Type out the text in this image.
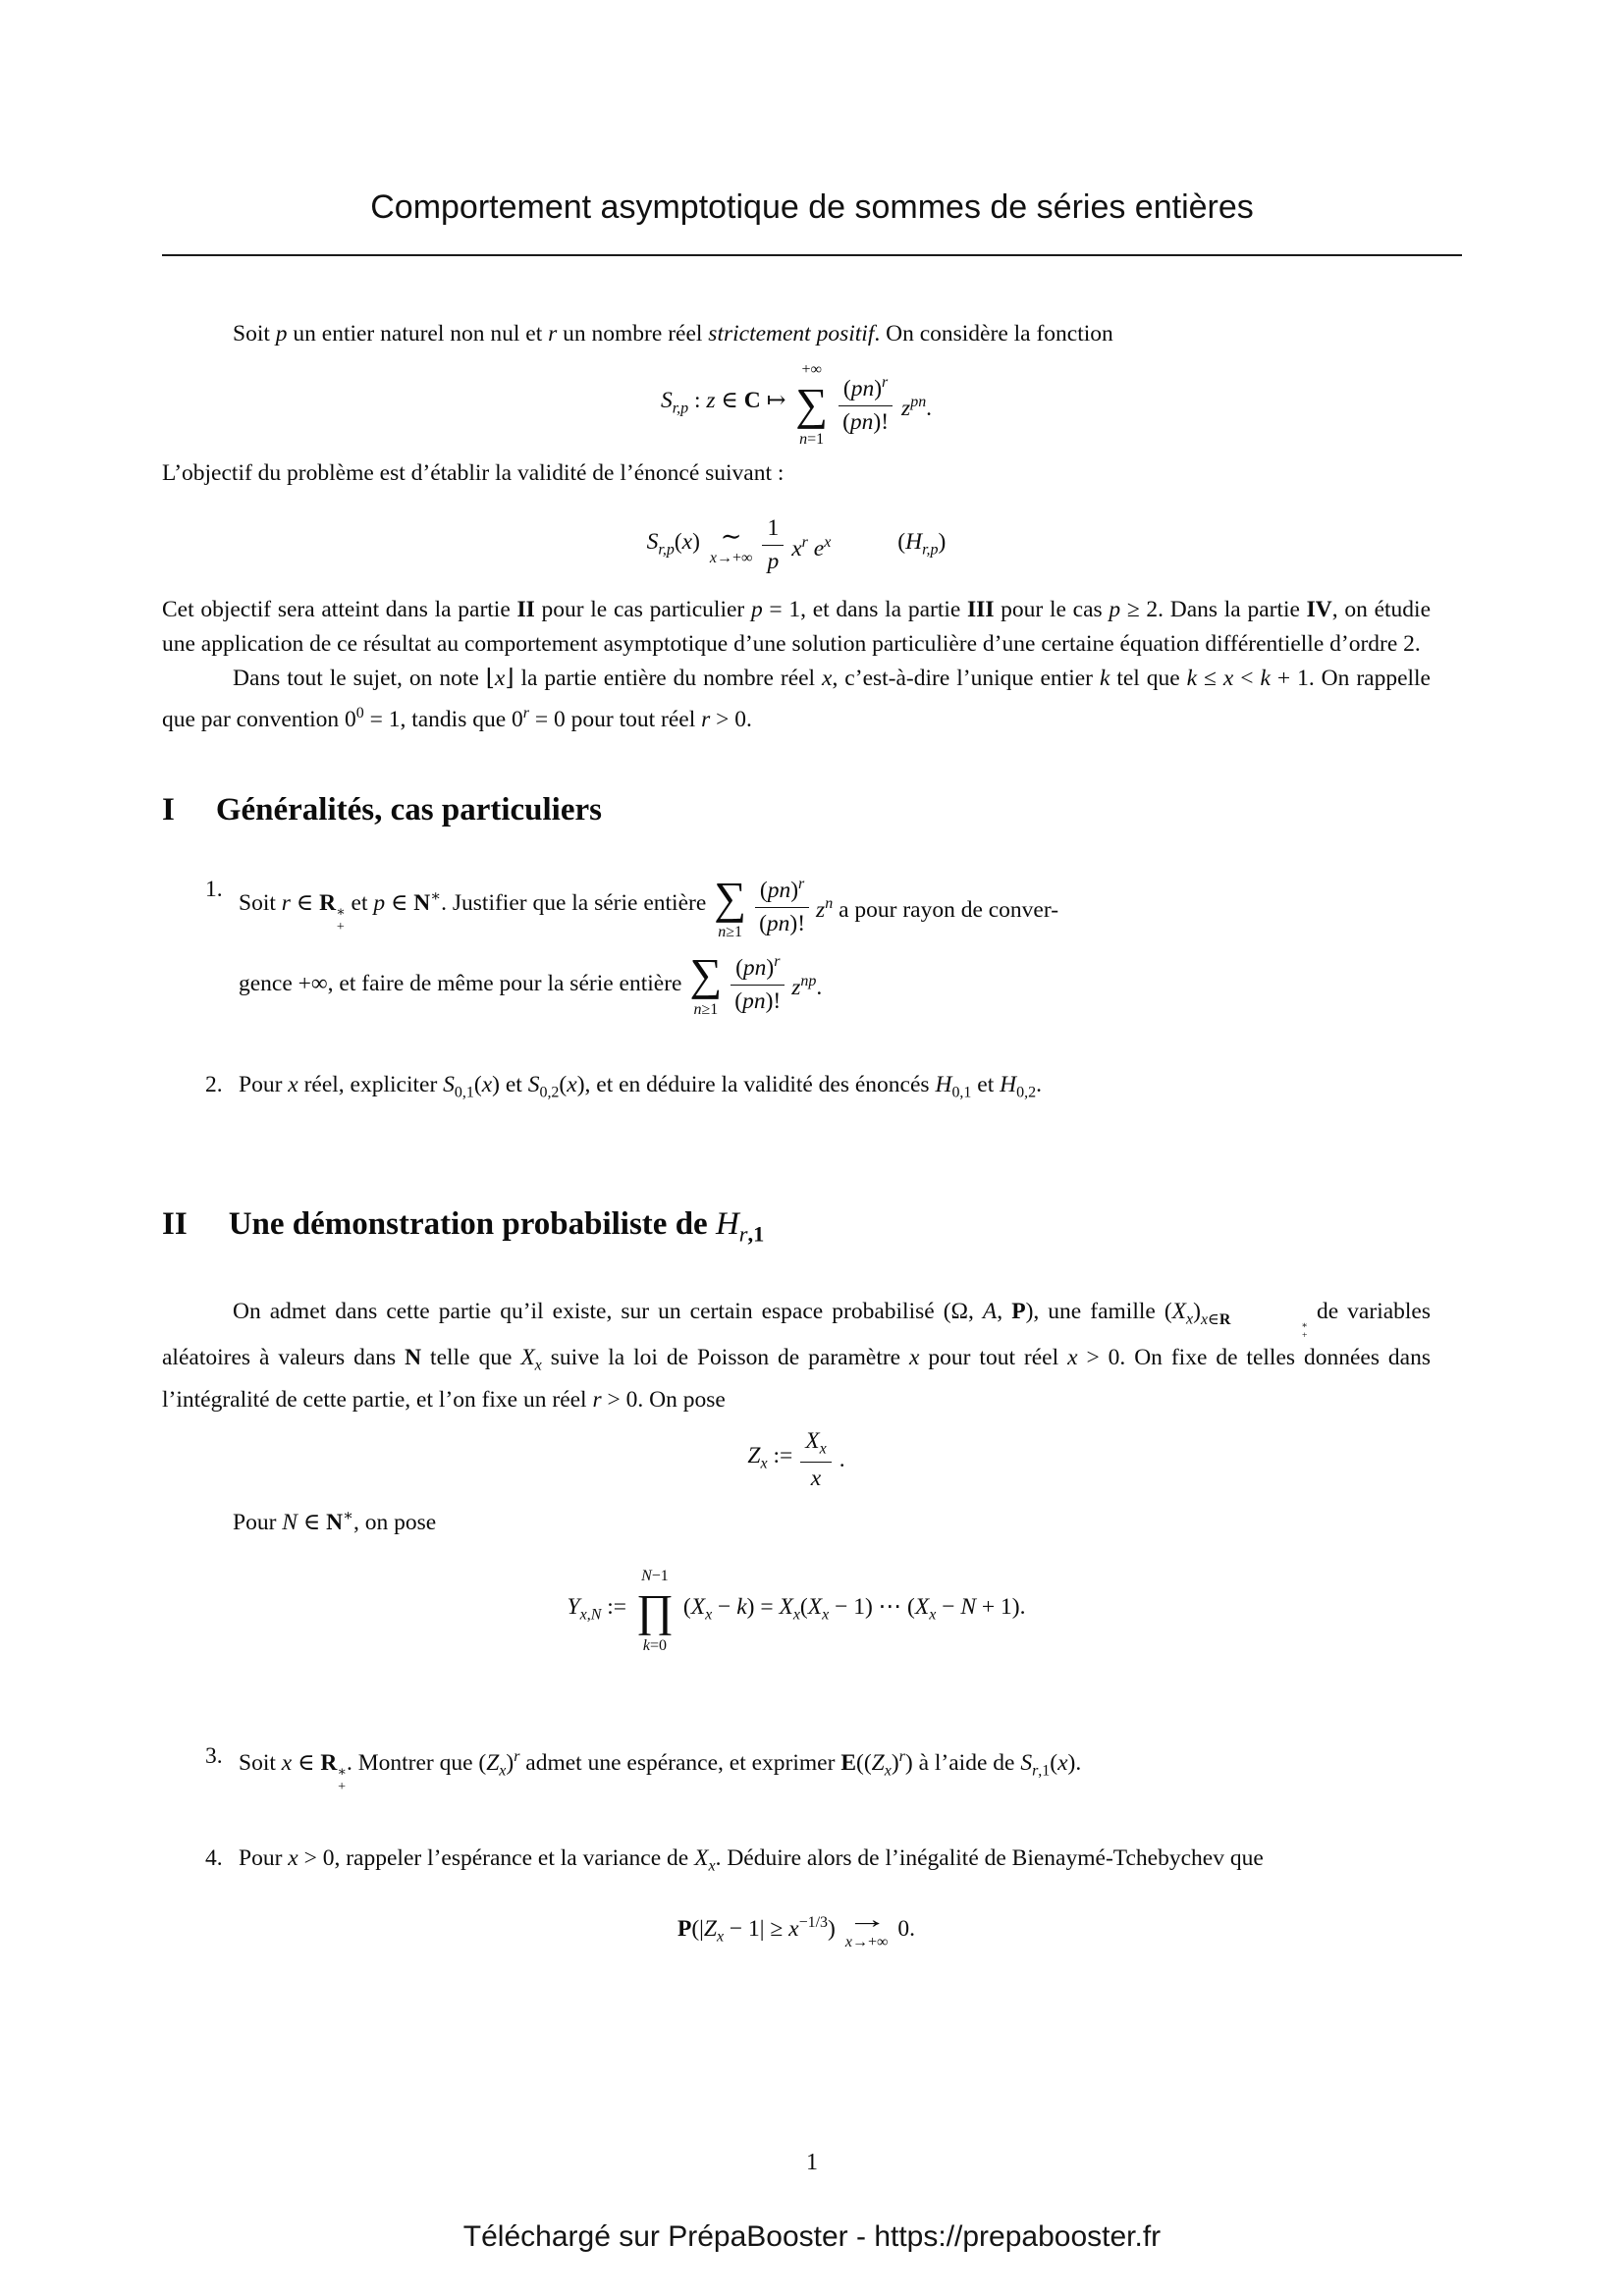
Comportement asymptotique de sommes de séries entières

Soit p un entier naturel non nul et r un nombre réel strictement positif. On considère la fonction

$S_{r,p}$ : z ∈ C ↦
+∞
∑
n=1
$\frac{(pn)^r}{(pn)!} z^{pn}$.

L’objectif du problème est d’établir la validité de l’énoncé suivant :

$S_{r,p}(x)$ ∼
$x\to+\infty \frac{1}{p} x^r$ $e^x$	$(H_{r,p})$

Cet objectif sera atteint dans la partie II pour le cas particulier p = 1, et dans la partie III pour le cas p ≥ 2. Dans la partie IV, on étudie une application de ce résultat au comportement asymptotique d’une solution particulière d’une certaine équation différentielle d’ordre 2.

Dans tout le sujet, on note ⌊x⌋ la partie entière du nombre réel x, c’est-à-dire l’unique entier k tel que k ≤ x < k + 1. On rappelle que par convention $0^0 = 1$, tandis que $0^r = 0$ pour tout réel r > 0.

I Généralités, cas particuliers
1.
Soit r ∈ R ∗
+
et p ∈ N∗. Justifier que la série entière ∑
$n\ge 1 \frac{(pn)^r}{(pn)!} z^n$ a pour rayon de conver-
gence +∞, et faire de même pour la série entière ∑
$n\ge 1 \frac{(pn)^r}{(pn)!} z^{np}$.
2. Pour x réel, expliciter $S_{0,1}(x)$ et $S_{0,2}(x)$, et en déduire la validité des énoncés $H_{0,1}$ et $H_{0,2}$.
II Une démonstration probabiliste de $H_{r,1}$

On admet dans cette partie qu’il existe, sur un certain espace probabilisé (Ω, A, P), une famille $(X_x)_{x\in R ∗ +}$
de variables aléatoires à valeurs dans N telle que $X_x$ suive la loi de Poisson de paramètre x pour tout réel x > 0. On fixe de telles données dans l’intégralité de cette partie, et l’on fixe un réel r > 0. On pose

$Z_x$ := $\frac{X_x}{x}$ .

Pour N ∈ N∗, on pose

$Y_{x,N}$ :=
N−1
∏
k=0
$(X_x - k) = X_x(X_x - 1)$ ⋯ $(X_x - N + 1)$.
3. Soit x ∈ R ∗
+
. Montrer que $(Z_x)^r$ admet une espérance, et exprimer $E((Z_x)^r)$ à l’aide de $S_{r,1}(x)$.
4. Pour x > 0, rappeler l’espérance et la variance de $X_x$. Déduire alors de l’inégalité de Bienaymé-Tchebychev que
$P(|Z_x - 1| \ge x^{-1/3})$ →
x→+∞
0.
1
Téléchargé sur PrépaBooster - https://prepabooster.fr
